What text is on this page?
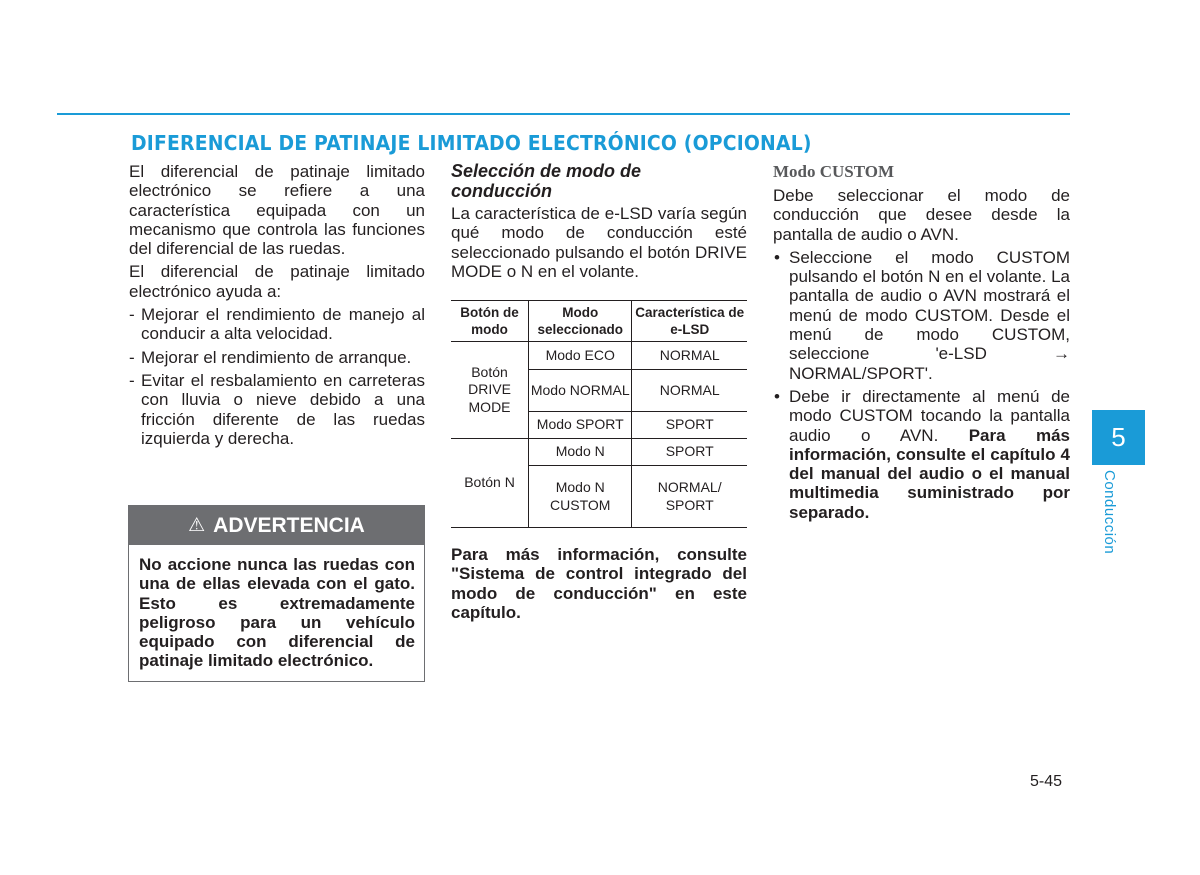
DIFERENCIAL DE PATINAJE LIMITADO ELECTRÓNICO (OPCIONAL)

El diferencial de patinaje limitado electrónico se refiere a una característica equipada con un mecanismo que controla las funciones del diferencial de las ruedas.

El diferencial de patinaje limitado electrónico ayuda a:

- Mejorar el rendimiento de manejo al conducir a alta velocidad.
- Mejorar el rendimiento de arranque.
- Evitar el resbalamiento en carreteras con lluvia o nieve debido a una fricción diferente de las ruedas izquierda y derecha.
⚠ ADVERTENCIA
No accione nunca las ruedas con una de ellas elevada con el gato. Esto es extremadamente peligroso para un vehículo equipado con diferencial de patinaje limitado electrónico.
Selección de modo de conducción

La característica de e-LSD varía según qué modo de conducción esté seleccionado pulsando el botón DRIVE MODE o N en el volante.

Botón de modo	Modo seleccionado	Característica de e-LSD
Botón DRIVE MODE	Modo ECO	NORMAL
	Modo NORMAL	NORMAL
	Modo SPORT	SPORT
Botón N	Modo N	SPORT
	Modo N CUSTOM	NORMAL/ SPORT

Para más información, consulte "Sistema de control integrado del modo de conducción" en este capítulo.

Modo CUSTOM

Debe seleccionar el modo de conducción que desee desde la pantalla de audio o AVN.

• Seleccione el modo CUSTOM pulsando el botón N en el volante. La pantalla de audio o AVN mostrará el menú de modo CUSTOM. Desde el menú de modo CUSTOM, seleccione 'e-LSD → NORMAL/SPORT'.
• Debe ir directamente al menú de modo CUSTOM tocando la pantalla audio o AVN. Para más información, consulte el capítulo 4 del manual del audio o el manual multimedia suministrado por separado.
5
Conducción
5-45
